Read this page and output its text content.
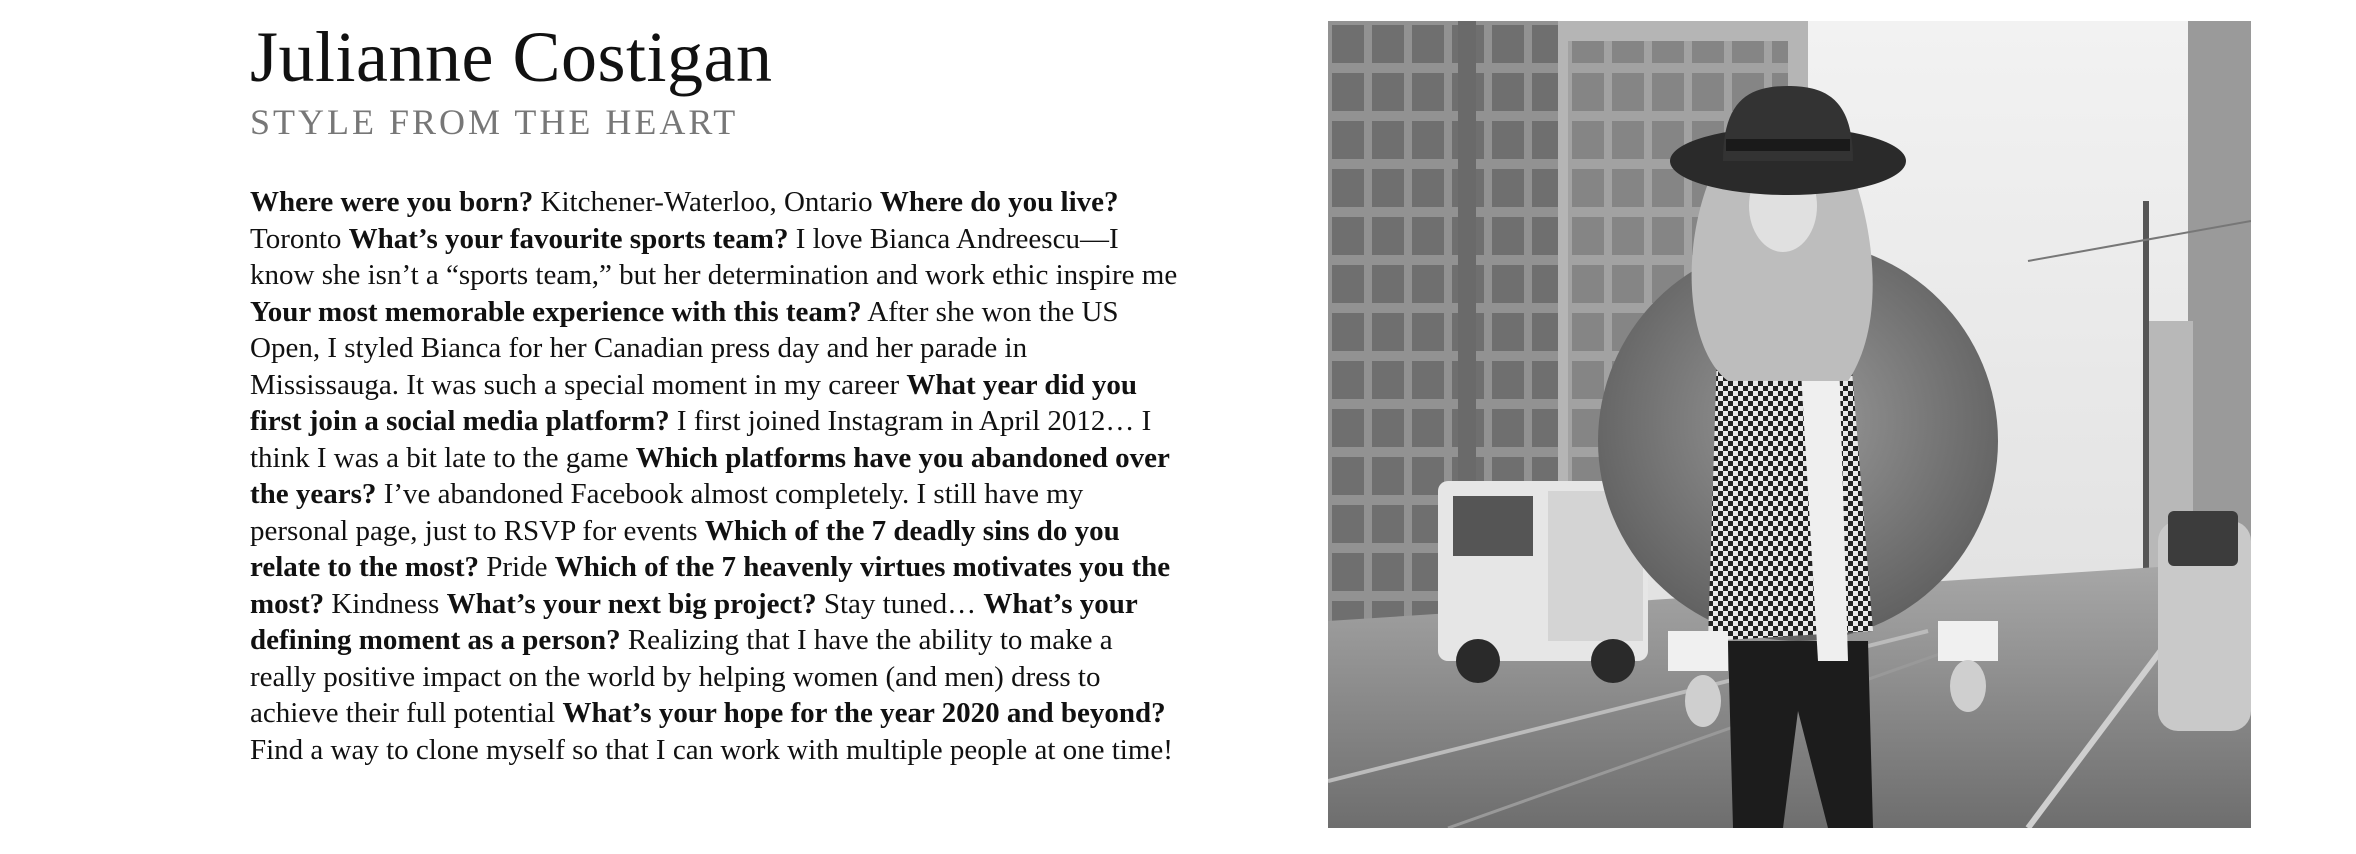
Julianne Costigan
STYLE FROM THE HEART

Where were you born? Kitchener-Waterloo, Ontario Where do you live? Toronto What’s your favourite sports team? I love Bianca Andreescu—I know she isn’t a “sports team,” but her determination and work ethic inspire me Your most memorable experience with this team? After she won the US Open, I styled Bianca for her Canadian press day and her parade in Mississauga. It was such a special moment in my career What year did you first join a social media platform? I first joined Instagram in April 2012… I think I was a bit late to the game Which platforms have you abandoned over the years? I’ve abandoned Facebook almost completely. I still have my personal page, just to RSVP for events Which of the 7 deadly sins do you relate to the most? Pride Which of the 7 heavenly virtues motivates you the most? Kindness What’s your next big project? Stay tuned… What’s your defining moment as a person? Realizing that I have the ability to make a really positive impact on the world by helping women (and men) dress to achieve their full potential What’s your hope for the year 2020 and beyond? Find a way to clone myself so that I can work with multiple people at one time!
